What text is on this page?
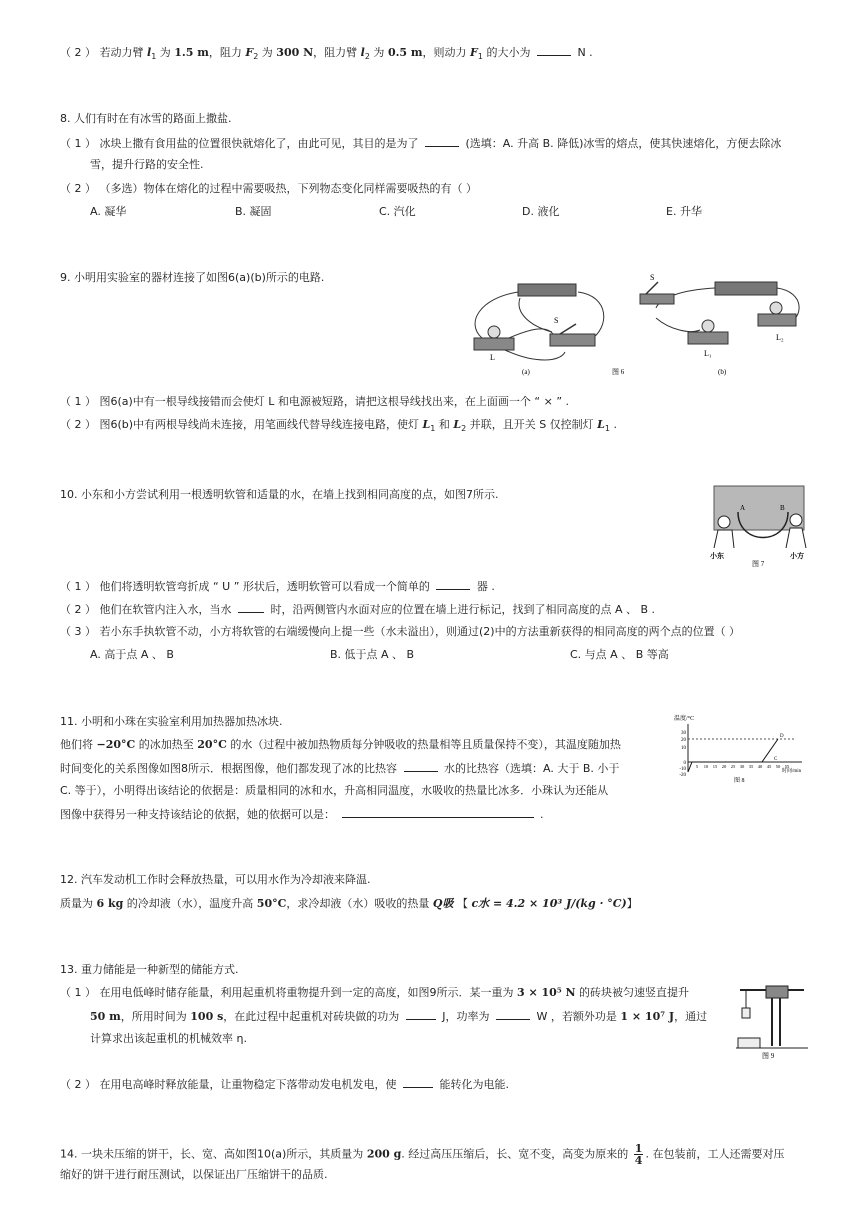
（ 2 ） 若动力臂 $l_1$ 为 1.5 m，阻力 $F_2$ 为 300 N，阻力臂 $l_2$ 为 0.5 m，则动力 $F_1$ 的大小为	N .
8. 人们有时在有冰雪的路面上撒盐.
（ 1 ） 冰块上撒有食用盐的位置很快就熔化了，由此可见，其目的是为了	(选填：A. 升高 B. 降低)冰雪的熔点，使其快速熔化，方便去除冰
雪，提升行路的安全性.
（ 2 ） （多选）物体在熔化的过程中需要吸热，下列物态变化同样需要吸热的有（ ）
A. 凝华	B. 凝固	C. 汽化	D. 液化	E. 升华
9. 小明用实验室的器材连接了如图6(a)(b)所示的电路.
L
S
(a)	图 6
S
L₁
L₂
(b)
（ 1 ） 图6(a)中有一根导线接错而会使灯 L 和电源被短路，请把这根导线找出来，在上面画一个 “ × ” .
（ 2 ） 图6(b)中有两根导线尚未连接，用笔画线代替导线连接电路，使灯 $L_1$ 和 $L_2$ 并联，且开关 S 仅控制灯 $L_1$ .
10. 小东和小方尝试利用一根透明软管和适量的水，在墙上找到相同高度的点，如图7所示.
A	B
小东	小方
图 7
（ 1 ） 他们将透明软管弯折成 “ U ” 形状后，透明软管可以看成一个简单的	器 .
（ 2 ） 他们在软管内注入水，当水	时，沿两侧管内水面对应的位置在墙上进行标记，找到了相同高度的点 A 、 B .
（ 3 ） 若小东手执软管不动，小方将软管的右端缓慢向上提一些（水未溢出），则通过(2)中的方法重新获得的相同高度的两个点的位置（ ）
A. 高于点 A 、 B	B. 低于点 A 、 B	C. 与点 A 、 B 等高
11. 小明和小珠在实验室利用加热器加热冰块.
他们将 −20°C 的冰加热至 20°C 的水（过程中被加热物质每分钟吸收的热量相等且质量保持不变），其温度随加热
时间变化的关系图像如图8所示．根据图像，他们都发现了冰的比热容	水的比热容（选填：A. 大于 B. 小于
C. 等于），小明得出该结论的依据是：质量相同的冰和水，升高相同温度，水吸收的热量比冰多．小珠认为还能从
图像中获得另一种支持该结论的依据，她的依据可以是：	.
温度/°C
30
20
10
0
-10
-20
5 10 15 20 25 30 35 40 45 50 55
C
D
时间/min
图 8
12. 汽车发动机工作时会释放热量，可以用水作为冷却液来降温.
质量为 6 kg 的冷却液（水），温度升高 50°C，求冷却液（水）吸收的热量 Q吸 【 c水 = 4.2 × 10³ J/(kg · °C)】
13. 重力储能是一种新型的储能方式.
（ 1 ） 在用电低峰时储存能量，利用起重机将重物提升到一定的高度，如图9所示．某一重为 3 × 10⁵ N 的砖块被匀速竖直提升
50 m，所用时间为 100 s，在此过程中起重机对砖块做的功为	J，功率为	W ，若额外功是 1 × 10⁷ J，通过
计算求出该起重机的机械效率 η.
图 9
（ 2 ） 在用电高峰时释放能量，让重物稳定下落带动发电机发电，使	能转化为电能.
14. 一块未压缩的饼干，长、宽、高如图10(a)所示，其质量为 200 g. 经过高压压缩后，长、宽不变，高变为原来的 $\frac{1}{4}$ . 在包装前，工人还需要对压
缩好的饼干进行耐压测试，以保证出厂压缩饼干的品质.
